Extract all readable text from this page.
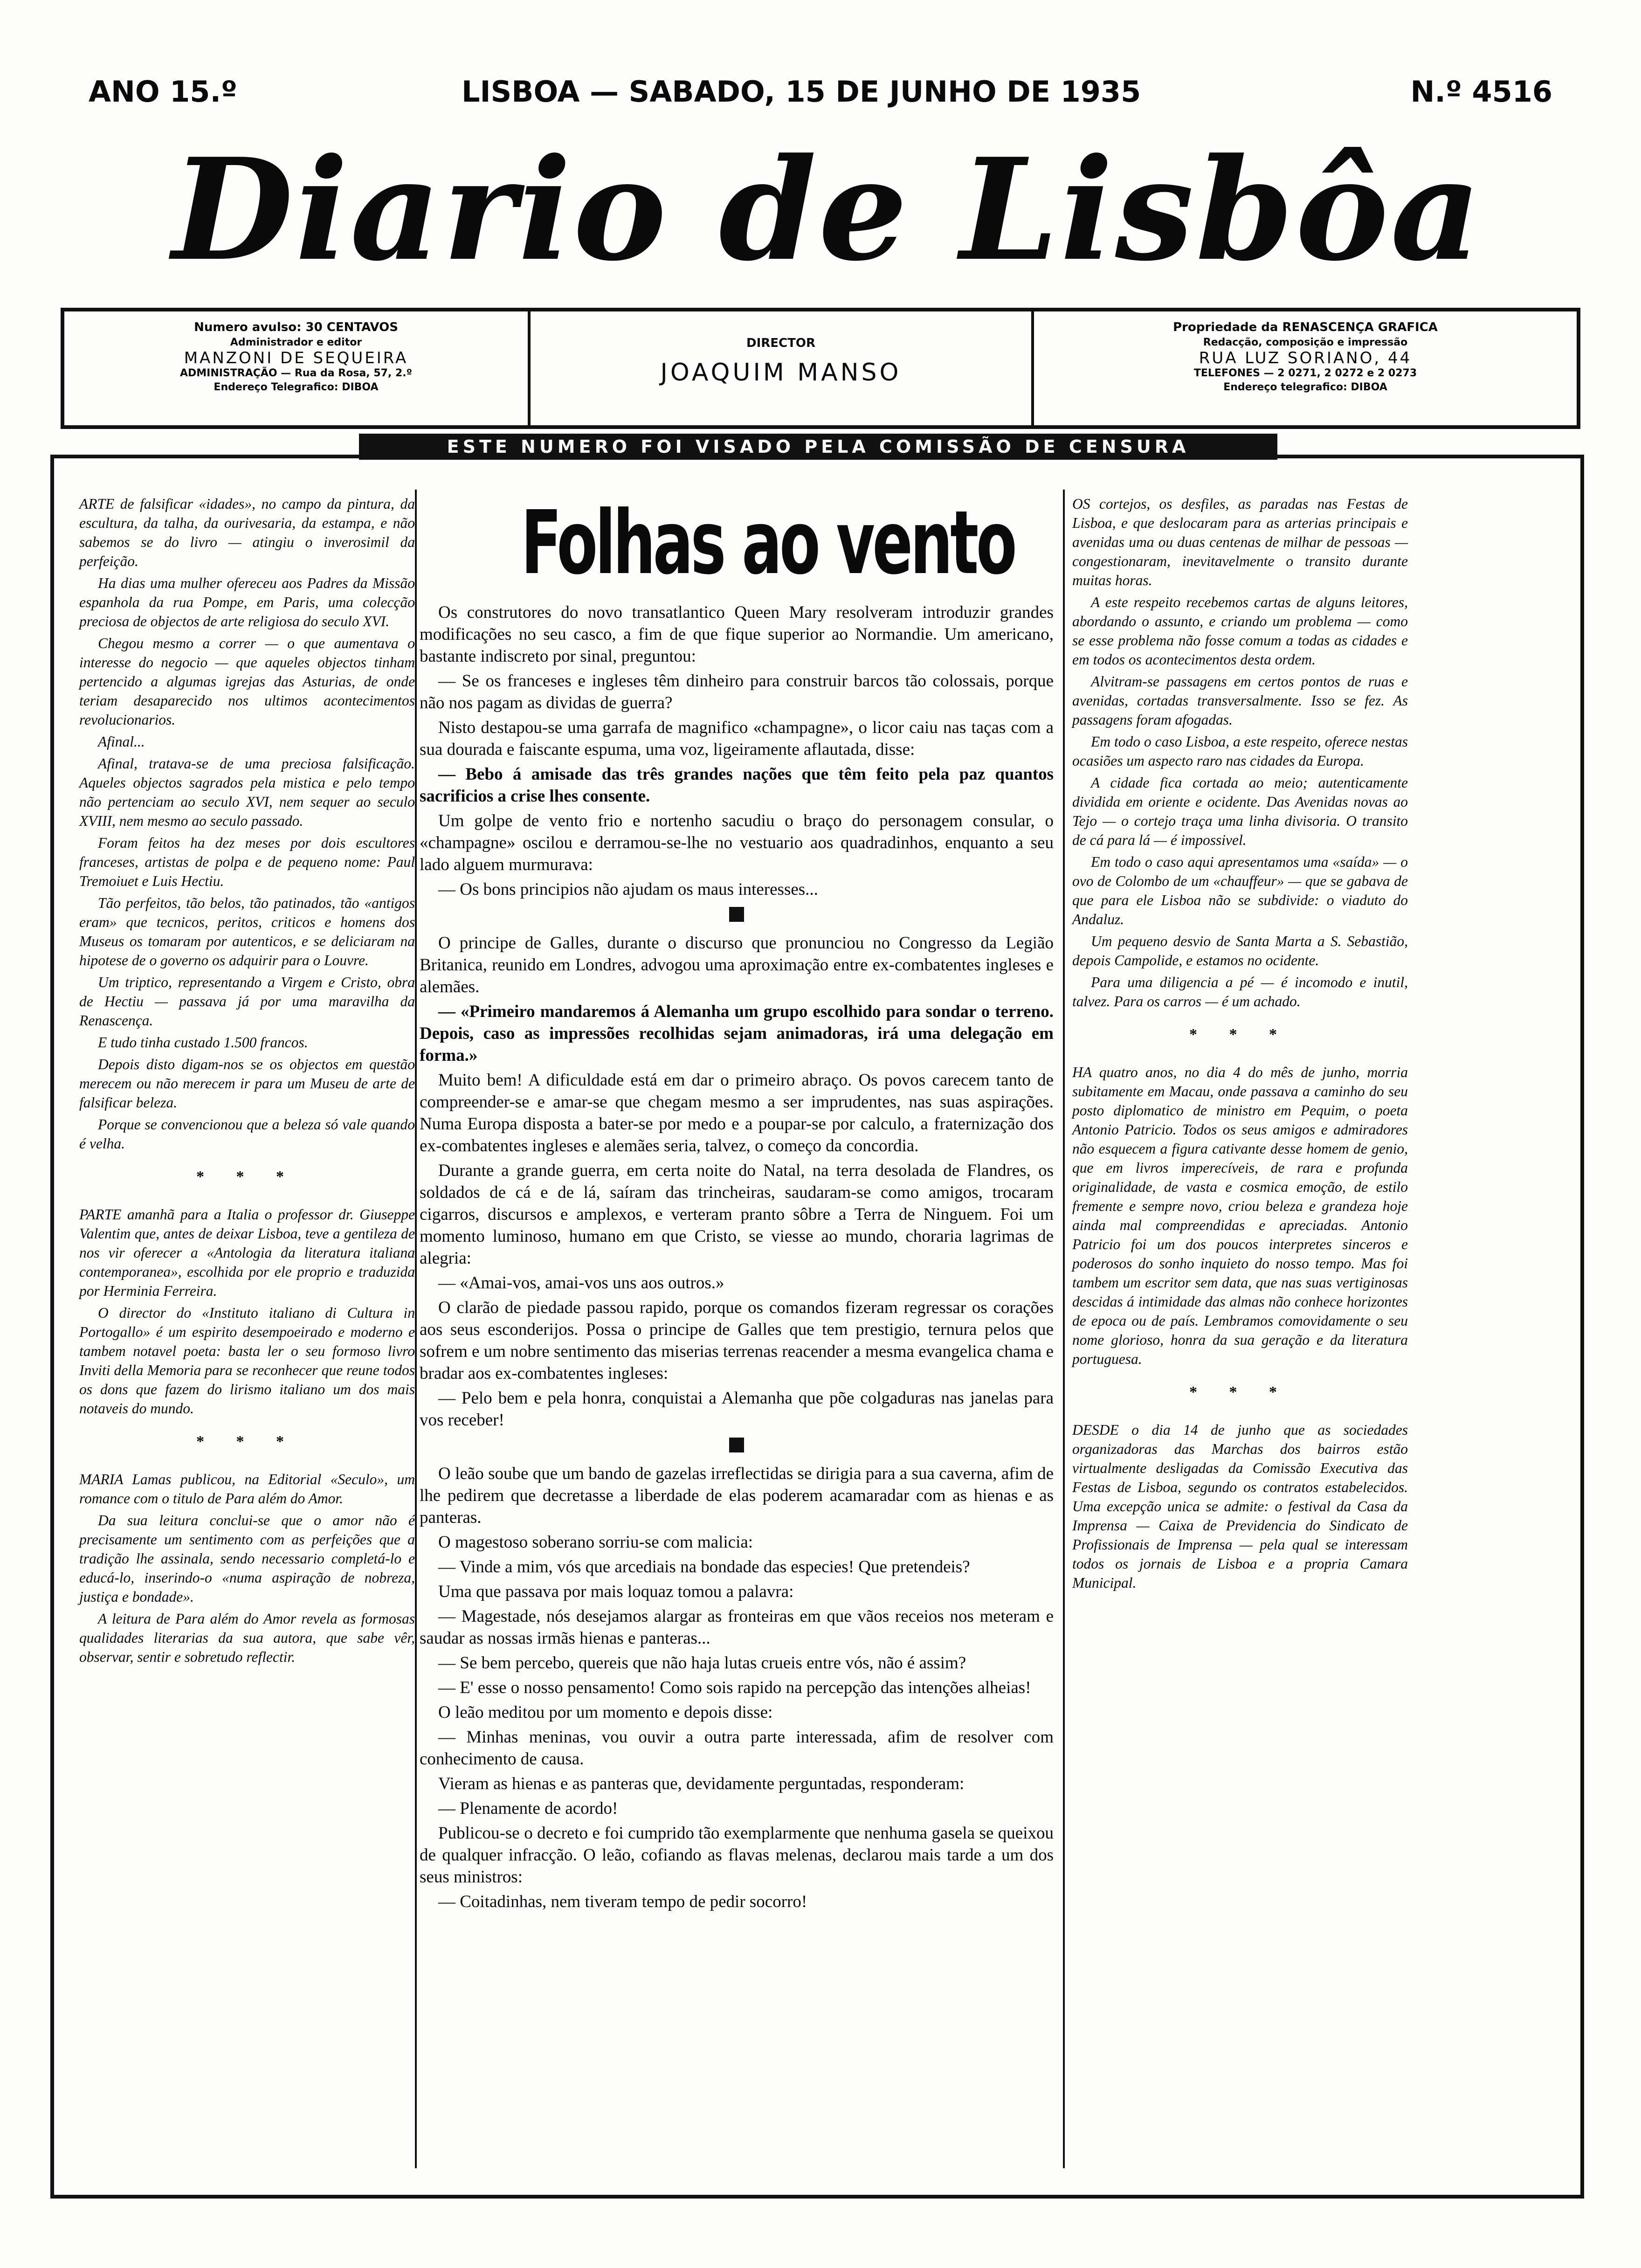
ANO 15.º	LISBOA — SABADO, 15 DE JUNHO DE 1935	N.º 4516
Diario de Lisbôa
Numero avulso: 30 CENTAVOS
Administrador e editor
MANZONI DE SEQUEIRA
ADMINISTRAÇÃO — Rua da Rosa, 57, 2.º
Endereço Telegrafico: DIBOA
DIRECTOR
JOAQUIM MANSO
Propriedade da RENASCENÇA GRAFICA
Redacção, composição e impressão
RUA LUZ SORIANO, 44
TELEFONES — 2 0271, 2 0272 e 2 0273
Endereço telegrafico: DIBOA
ESTE NUMERO FOI VISADO PELA COMISSÃO DE CENSURA

ARTE de falsificar «idades», no campo da pintura, da escultura, da talha, da ourivesaria, da estampa, e não sabemos se do livro — atingiu o inverosimil da perfeição.

Ha dias uma mulher ofereceu aos Padres da Missão espanhola da rua Pompe, em Paris, uma colecção preciosa de objectos de arte religiosa do seculo XVI.

Chegou mesmo a correr — o que aumentava o interesse do negocio — que aqueles objectos tinham pertencido a algumas igrejas das Asturias, de onde teriam desaparecido nos ultimos acontecimentos revolucionarios.

Afinal...

Afinal, tratava-se de uma preciosa falsificação. Aqueles objectos sagrados pela mistica e pelo tempo não pertenciam ao seculo XVI, nem sequer ao seculo XVIII, nem mesmo ao seculo passado.

Foram feitos ha dez meses por dois escultores franceses, artistas de polpa e de pequeno nome: Paul Tremoiuet e Luis Hectiu.

Tão perfeitos, tão belos, tão patinados, tão «antigos eram» que tecnicos, peritos, criticos e homens dos Museus os tomaram por autenticos, e se deliciaram na hipotese de o governo os adquirir para o Louvre.

Um triptico, representando a Virgem e Cristo, obra de Hectiu — passava já por uma maravilha da Renascença.

E tudo tinha custado 1.500 francos.

Depois disto digam-nos se os objectos em questão merecem ou não merecem ir para um Museu de arte de falsificar beleza.

Porque se convencionou que a beleza só vale quando é velha.

* * *

PARTE amanhã para a Italia o professor dr. Giuseppe Valentim que, antes de deixar Lisboa, teve a gentileza de nos vir oferecer a «Antologia da literatura italiana contemporanea», escolhida por ele proprio e traduzida por Herminia Ferreira.

O director do «Instituto italiano di Cultura in Portogallo» é um espirito desempoeirado e moderno e tambem notavel poeta: basta ler o seu formoso livro Inviti della Memoria para se reconhecer que reune todos os dons que fazem do lirismo italiano um dos mais notaveis do mundo.

* * *

MARIA Lamas publicou, na Editorial «Seculo», um romance com o titulo de Para além do Amor.

Da sua leitura conclui-se que o amor não é precisamente um sentimento com as perfeições que a tradição lhe assinala, sendo necessario completá-lo e educá-lo, inserindo-o «numa aspiração de nobreza, justiça e bondade».

A leitura de Para além do Amor revela as formosas qualidades literarias da sua autora, que sabe vêr, observar, sentir e sobretudo reflectir.

Folhas ao vento

Os construtores do novo transatlantico Queen Mary resolveram introduzir grandes modificações no seu casco, a fim de que fique superior ao Normandie. Um americano, bastante indiscreto por sinal, preguntou:

— Se os franceses e ingleses têm dinheiro para construir barcos tão colossais, porque não nos pagam as dividas de guerra?

Nisto destapou-se uma garrafa de magnifico «champagne», o licor caiu nas taças com a sua dourada e faiscante espuma, uma voz, ligeiramente aflautada, disse:

— Bebo á amisade das três grandes nações que têm feito pela paz quantos sacrificios a crise lhes consente.

Um golpe de vento frio e nortenho sacudiu o braço do personagem consular, o «champagne» oscilou e derramou-se-lhe no vestuario aos quadradinhos, enquanto a seu lado alguem murmurava:

— Os bons principios não ajudam os maus interesses...

O principe de Galles, durante o discurso que pronunciou no Congresso da Legião Britanica, reunido em Londres, advogou uma aproximação entre ex-combatentes ingleses e alemães.

— «Primeiro mandaremos á Alemanha um grupo escolhido para sondar o terreno. Depois, caso as impressões recolhidas sejam animadoras, irá uma delegação em forma.»

Muito bem! A dificuldade está em dar o primeiro abraço. Os povos carecem tanto de compreender-se e amar-se que chegam mesmo a ser imprudentes, nas suas aspirações. Numa Europa disposta a bater-se por medo e a poupar-se por calculo, a fraternização dos ex-combatentes ingleses e alemães seria, talvez, o começo da concordia.

Durante a grande guerra, em certa noite do Natal, na terra desolada de Flandres, os soldados de cá e de lá, saíram das trincheiras, saudaram-se como amigos, trocaram cigarros, discursos e amplexos, e verteram pranto sôbre a Terra de Ninguem. Foi um momento luminoso, humano em que Cristo, se viesse ao mundo, choraria lagrimas de alegria:

— «Amai-vos, amai-vos uns aos outros.»

O clarão de piedade passou rapido, porque os comandos fizeram regressar os corações aos seus esconderijos. Possa o principe de Galles que tem prestigio, ternura pelos que sofrem e um nobre sentimento das miserias terrenas reacender a mesma evangelica chama e bradar aos ex-combatentes ingleses:

— Pelo bem e pela honra, conquistai a Alemanha que põe colgaduras nas janelas para vos receber!

O leão soube que um bando de gazelas irreflectidas se dirigia para a sua caverna, afim de lhe pedirem que decretasse a liberdade de elas poderem acamaradar com as hienas e as panteras.

O magestoso soberano sorriu-se com malicia:

— Vinde a mim, vós que arcediais na bondade das especies! Que pretendeis?

Uma que passava por mais loquaz tomou a palavra:

— Magestade, nós desejamos alargar as fronteiras em que vãos receios nos meteram e saudar as nossas irmãs hienas e panteras...

— Se bem percebo, quereis que não haja lutas crueis entre vós, não é assim?

— E' esse o nosso pensamento! Como sois rapido na percepção das intenções alheias!

O leão meditou por um momento e depois disse:

— Minhas meninas, vou ouvir a outra parte interessada, afim de resolver com conhecimento de causa.

Vieram as hienas e as panteras que, devidamente perguntadas, responderam:

— Plenamente de acordo!

Publicou-se o decreto e foi cumprido tão exemplarmente que nenhuma gasela se queixou de qualquer infracção. O leão, cofiando as flavas melenas, declarou mais tarde a um dos seus ministros:

— Coitadinhas, nem tiveram tempo de pedir socorro!

OS cortejos, os desfiles, as paradas nas Festas de Lisboa, e que deslocaram para as arterias principais e avenidas uma ou duas centenas de milhar de pessoas — congestionaram, inevitavelmente o transito durante muitas horas.

A este respeito recebemos cartas de alguns leitores, abordando o assunto, e criando um problema — como se esse problema não fosse comum a todas as cidades e em todos os acontecimentos desta ordem.

Alvitram-se passagens em certos pontos de ruas e avenidas, cortadas transversalmente. Isso se fez. As passagens foram afogadas.

Em todo o caso Lisboa, a este respeito, oferece nestas ocasiões um aspecto raro nas cidades da Europa.

A cidade fica cortada ao meio; autenticamente dividida em oriente e ocidente. Das Avenidas novas ao Tejo — o cortejo traça uma linha divisoria. O transito de cá para lá — é impossivel.

Em todo o caso aqui apresentamos uma «saída» — o ovo de Colombo de um «chauffeur» — que se gabava de que para ele Lisboa não se subdivide: o viaduto do Andaluz.

Um pequeno desvio de Santa Marta a S. Sebastião, depois Campolide, e estamos no ocidente.

Para uma diligencia a pé — é incomodo e inutil, talvez. Para os carros — é um achado.

* * *

HA quatro anos, no dia 4 do mês de junho, morria subitamente em Macau, onde passava a caminho do seu posto diplomatico de ministro em Pequim, o poeta Antonio Patricio. Todos os seus amigos e admiradores não esquecem a figura cativante desse homem de genio, que em livros imperecíveis, de rara e profunda originalidade, de vasta e cosmica emoção, de estilo fremente e sempre novo, criou beleza e grandeza hoje ainda mal compreendidas e apreciadas. Antonio Patricio foi um dos poucos interpretes sinceros e poderosos do sonho inquieto do nosso tempo. Mas foi tambem um escritor sem data, que nas suas vertiginosas descidas á intimidade das almas não conhece horizontes de epoca ou de país. Lembramos comovidamente o seu nome glorioso, honra da sua geração e da literatura portuguesa.

* * *

DESDE o dia 14 de junho que as sociedades organizadoras das Marchas dos bairros estão virtualmente desligadas da Comissão Executiva das Festas de Lisboa, segundo os contratos estabelecidos. Uma excepção unica se admite: o festival da Casa da Imprensa — Caixa de Previdencia do Sindicato de Profissionais de Imprensa — pela qual se interessam todos os jornais de Lisboa e a propria Camara Municipal.
